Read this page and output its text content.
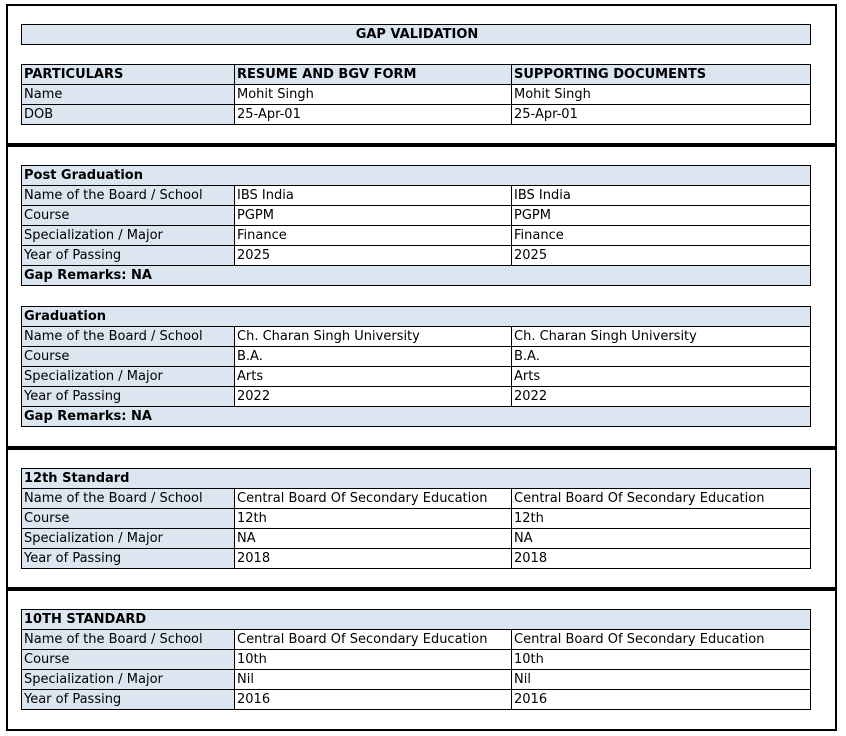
GAP VALIDATION
PARTICULARS	RESUME AND BGV FORM	SUPPORTING DOCUMENTS
Name	Mohit Singh	Mohit Singh
DOB	25-Apr-01	25-Apr-01
Post Graduation		
Name of the Board / School	IBS India	IBS India
Course	PGPM	PGPM
Specialization / Major	Finance	Finance
Year of Passing	2025	2025
Gap Remarks: NA		
Graduation		
Name of the Board / School	Ch. Charan Singh University	Ch. Charan Singh University
Course	B.A.	B.A.
Specialization / Major	Arts	Arts
Year of Passing	2022	2022
Gap Remarks: NA		
12th Standard		
Name of the Board / School	Central Board Of Secondary Education	Central Board Of Secondary Education
Course	12th	12th
Specialization / Major	NA	NA
Year of Passing	2018	2018
10TH STANDARD		
Name of the Board / School	Central Board Of Secondary Education	Central Board Of Secondary Education
Course	10th	10th
Specialization / Major	Nil	Nil
Year of Passing	2016	2016
